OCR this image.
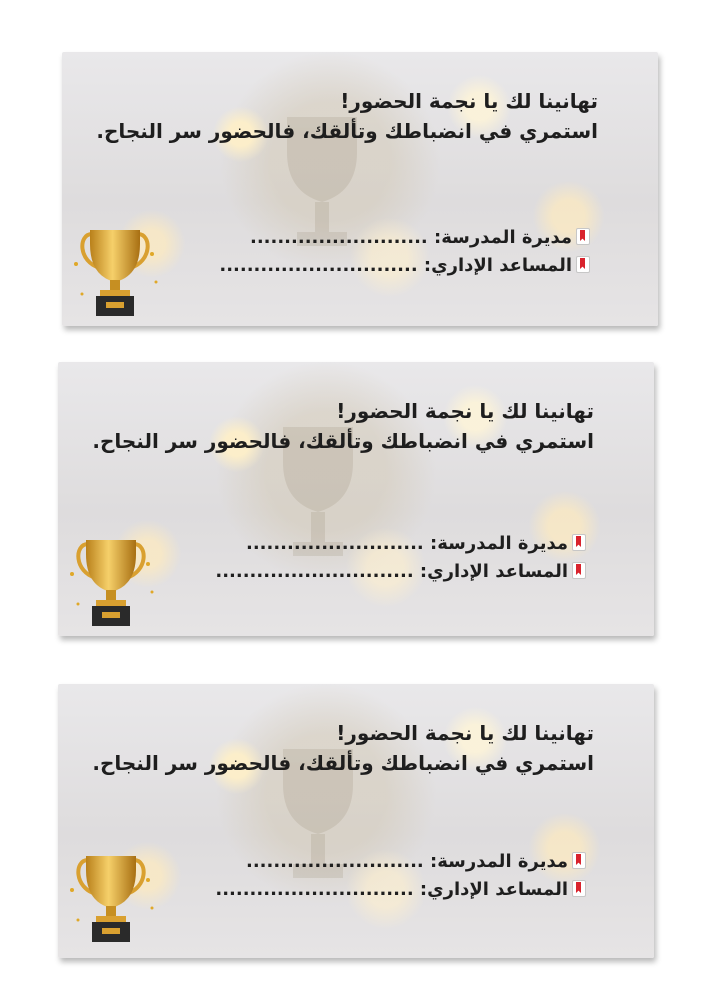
تهانينا لك يا نجمة الحضور!
استمري في انضباطك وتألقك، فالحضور سر النجاح.
مديرة المدرسة: ..........................
المساعد الإداري: .............................
تهانينا لك يا نجمة الحضور!
استمري في انضباطك وتألقك، فالحضور سر النجاح.
مديرة المدرسة: ..........................
المساعد الإداري: .............................
تهانينا لك يا نجمة الحضور!
استمري في انضباطك وتألقك، فالحضور سر النجاح.
مديرة المدرسة: ..........................
المساعد الإداري: .............................
